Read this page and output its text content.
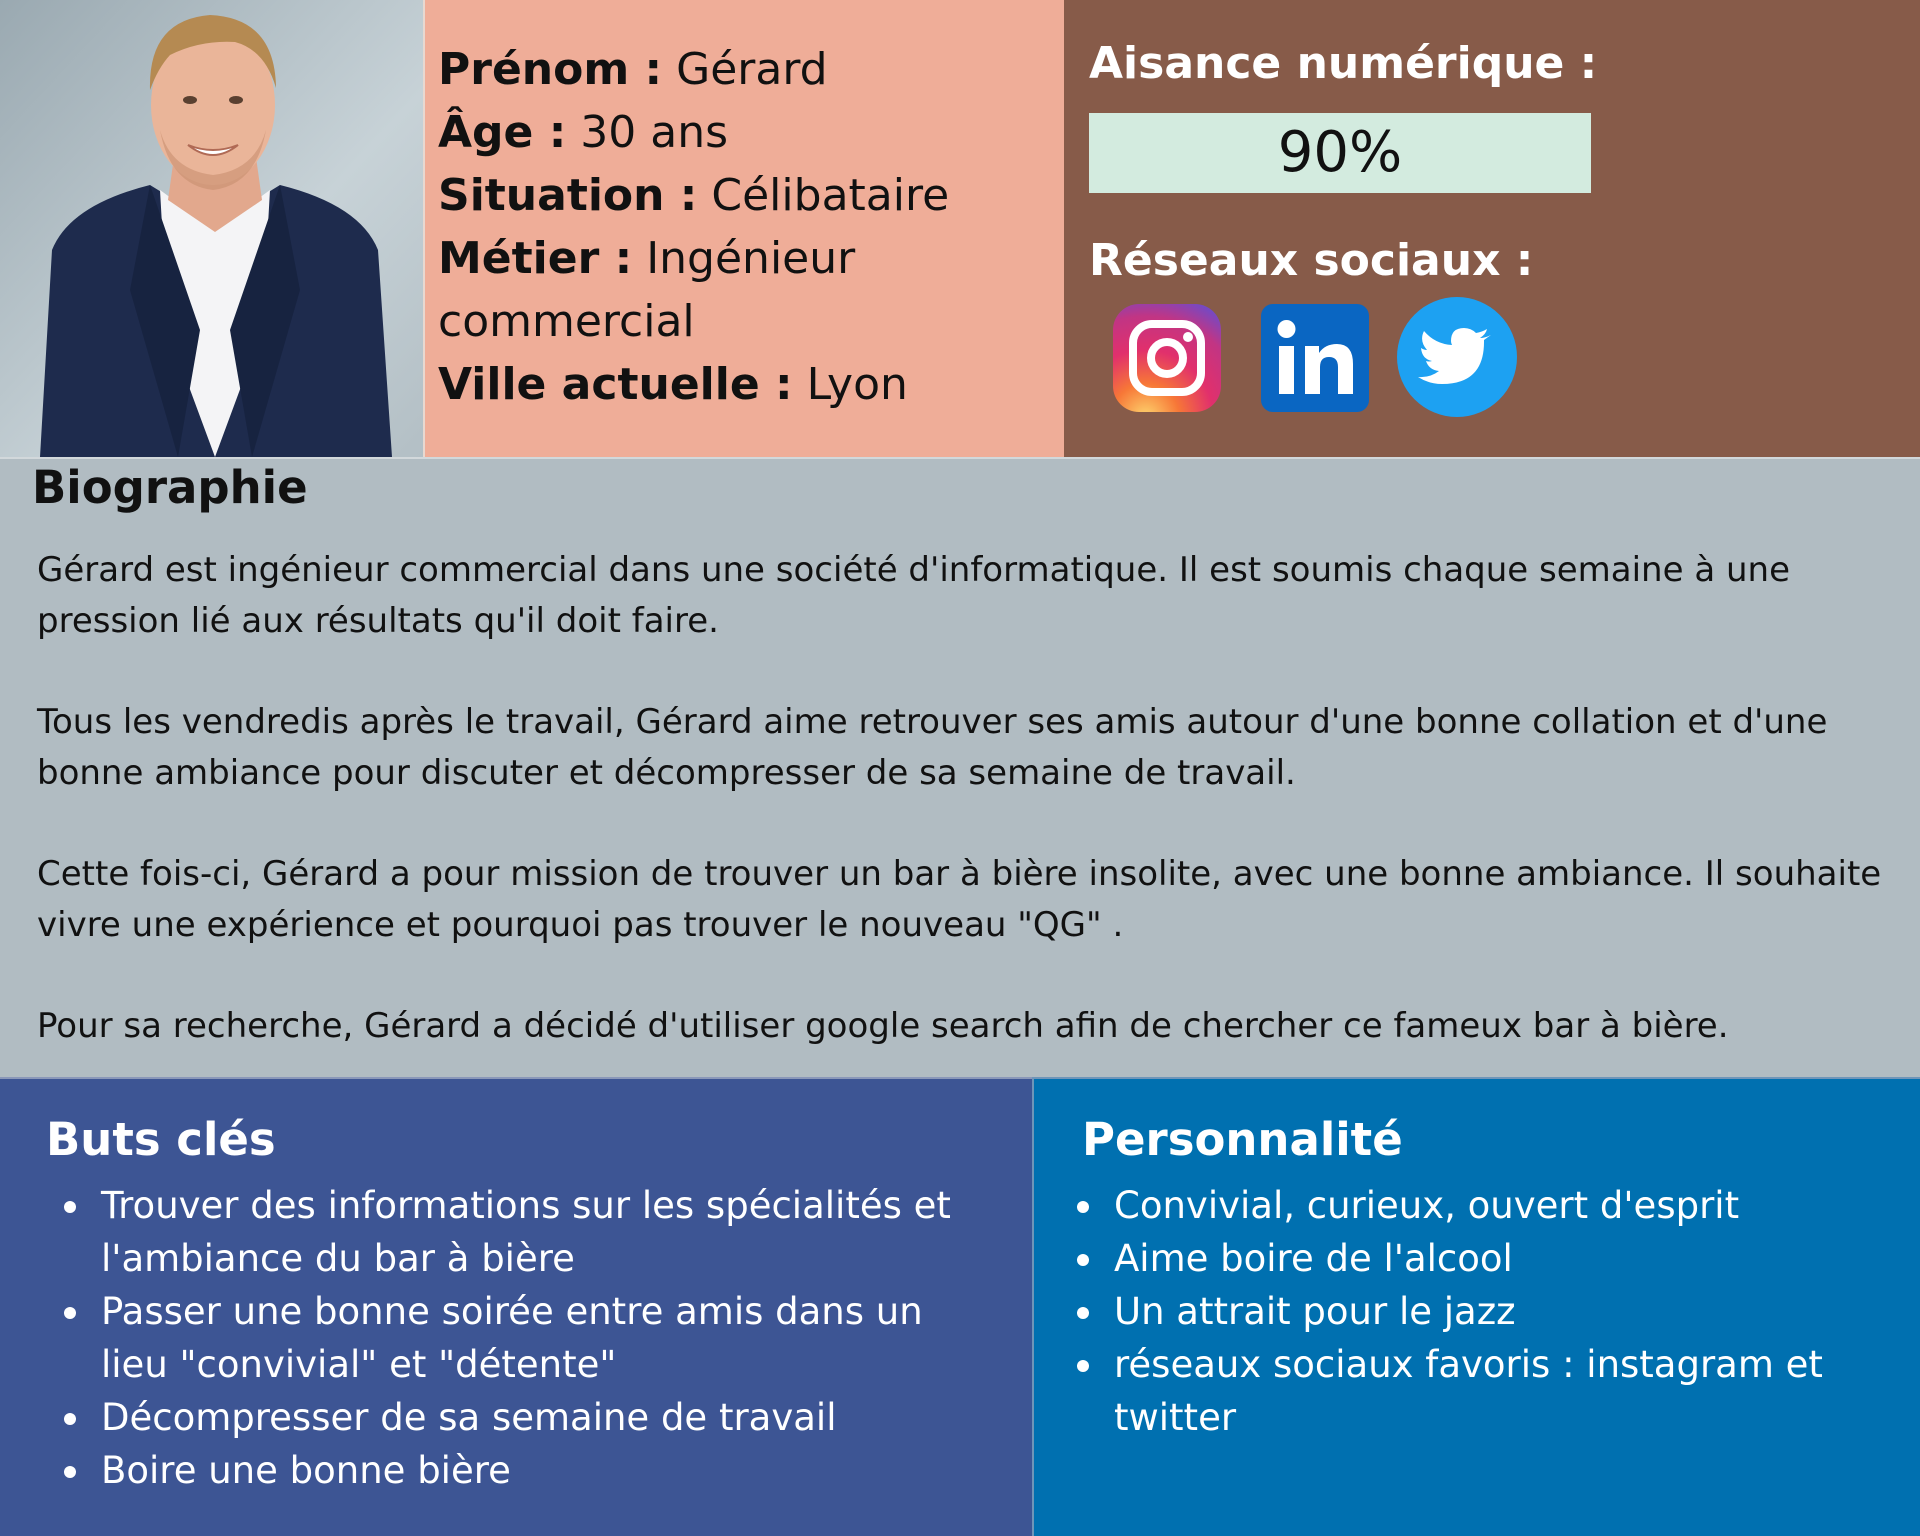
Prénom : Gérard
Âge : 30 ans
Situation : Célibataire
Métier : Ingénieur
commercial
Ville actuelle : Lyon
Aisance numérique :
90%
Réseaux sociaux :
Biographie

Gérard est ingénieur commercial dans une société d'informatique. Il est soumis chaque semaine à une pression lié aux résultats qu'il doit faire.

Tous les vendredis après le travail, Gérard aime retrouver ses amis autour d'une bonne collation et d'une bonne ambiance pour discuter et décompresser de sa semaine de travail.

Cette fois-ci, Gérard a pour mission de trouver un bar à bière insolite, avec une bonne ambiance. Il souhaite vivre une expérience et pourquoi pas trouver le nouveau "QG" .

Pour sa recherche, Gérard a décidé d'utiliser google search afin de chercher ce fameux bar à bière.

Buts clés
Trouver des informations sur les spécialités et l'ambiance du bar à bière
Passer une bonne soirée entre amis dans un lieu "convivial" et "détente"
Décompresser de sa semaine de travail
Boire une bonne bière
Personnalité
Convivial, curieux, ouvert d'esprit
Aime boire de l'alcool
Un attrait pour le jazz
réseaux sociaux favoris : instagram et twitter
